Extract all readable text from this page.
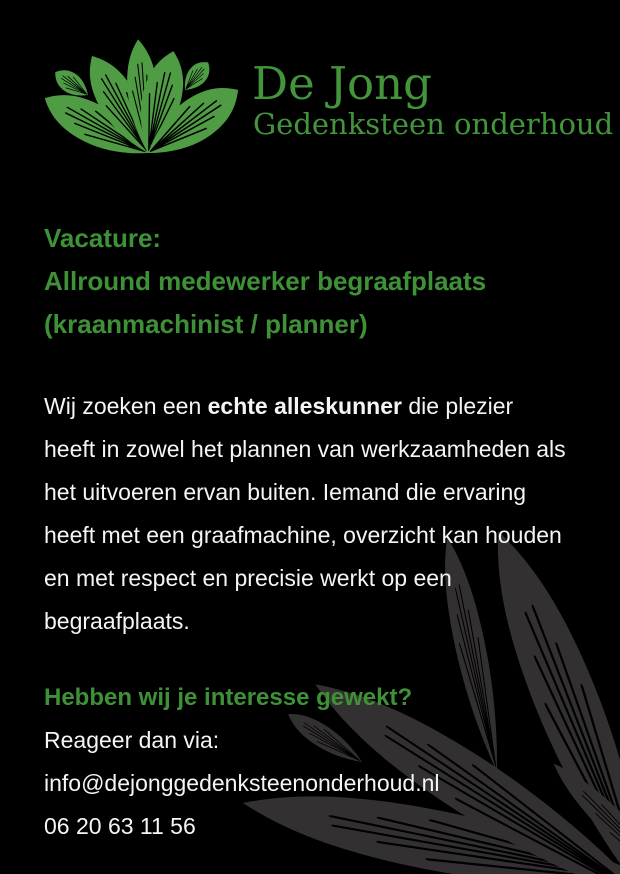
De Jong
Gedenksteen onderhoud
Vacature:
Allround medewerker begraafplaats
(kraanmachinist / planner)
Wij zoeken een echte alleskunner die plezier
heeft in zowel het plannen van werkzaamheden als
het uitvoeren ervan buiten. Iemand die ervaring
heeft met een graafmachine, overzicht kan houden
en met respect en precisie werkt op een
begraafplaats.
Hebben wij je interesse gewekt?
Reageer dan via:
info@dejonggedenksteenonderhoud.nl
06 20 63 11 56
